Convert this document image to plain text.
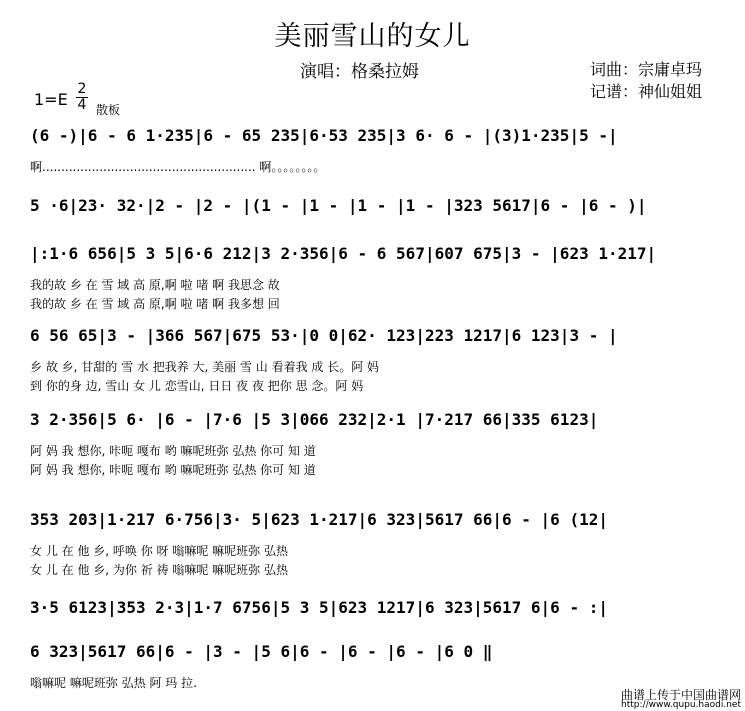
美丽雪山的女儿
演唱：格桑拉姆	词曲：宗庸卓玛
记谱：神仙姐姐
1=E
2
4 散板
(6 -)|6 - 6 1·235|6 - 65 235|6·53 235|3 6· 6 - |(3)1·235|5 -|
啊........................................................ 啊。。。。。。。。
5 ·6|23· 32·|2 - |2 - |(1 - |1 - |1 - |1 - |323 5617|6 - |6 - )|
|:1·6 656|5 3 5|6·6 212|3 2·356|6 - 6 567|607 675|3 - |623 1·217|
我的故 乡 在 雪 域 高 原,啊 啦 啫 啊 我思念 故
我的故 乡 在 雪 域 高 原,啊 啦 啫 啊 我多想 回
6 56 65|3 - |366 567|675 53·|0 0|62· 123|223 1217|6 123|3 - |
乡 故 乡, 甘甜的 雪 水 把我养 大, 美丽 雪 山 看着我 成 长。阿 妈
到 你的身 边, 雪山 女 儿 恋雪山, 日日 夜 夜 把你 思 念。阿 妈
3 2·356|5 6· |6 - |7·6 |5 3|066 232|2·1 |7·217 66|335 6123|
阿 妈 我 想你, 咔呃 嘎布 哟 嘛呢班弥 弘热 你可 知 道
阿 妈 我 想你, 咔呃 嘎布 哟 嘛呢班弥 弘热 你可 知 道
353 203|1·217 6·756|3· 5|623 1·217|6 323|5617 66|6 - |6 (12|
女 儿 在 他 乡, 呼唤 你 呀 嗡嘛呢 嘛呢班弥 弘热
女 儿 在 他 乡, 为你 祈 祷 嗡嘛呢 嘛呢班弥 弘热
3·5 6123|353 2·3|1·7 6756|5 3 5|623 1217|6 323|5617 6|6 - :|
6 323|5617 66|6 - |3 - |5 6|6 - |6 - |6 - |6 0 ‖
嗡嘛呢 嘛呢班弥 弘热 阿 玛 拉.
曲谱上传于中国曲谱网
http://www.qupu.haodi.net
